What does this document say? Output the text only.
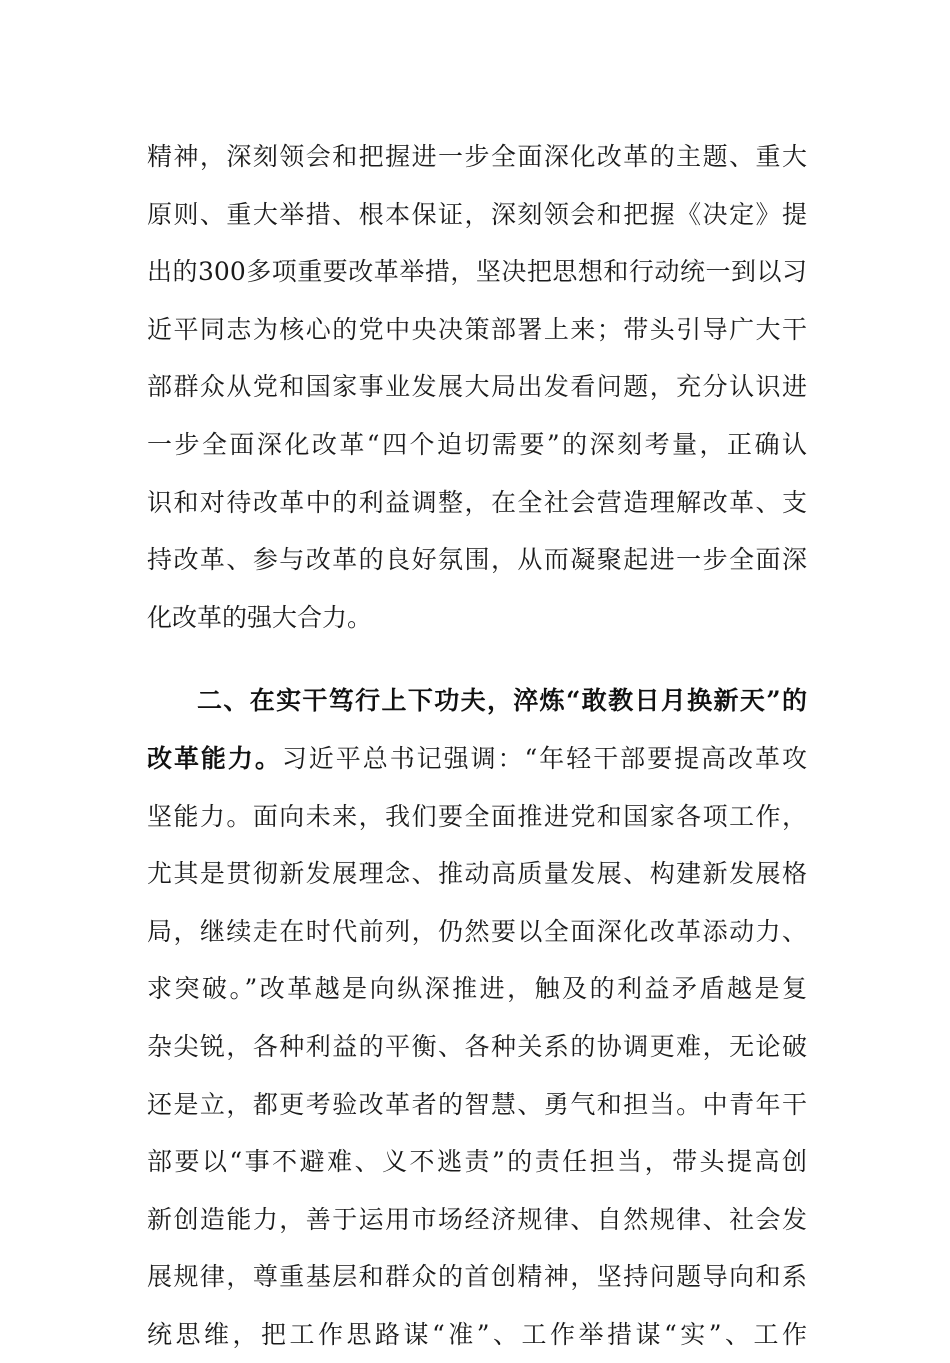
精神，深刻领会和把握进一步全面深化改革的主题、重大
原则、重大举措、根本保证，深刻领会和把握《决定》提
出的300多项重要改革举措，坚决把思想和行动统一到以习
近平同志为核心的党中央决策部署上来；带头引导广大干
部群众从党和国家事业发展大局出发看问题，充分认识进
一步全面深化改革“四个迫切需要”的深刻考量，正确认
识和对待改革中的利益调整，在全社会营造理解改革、支
持改革、参与改革的良好氛围，从而凝聚起进一步全面深
化改革的强大合力。
二、在实干笃行上下功夫，淬炼“敢教日月换新天”的
改革能力。习近平总书记强调：“年轻干部要提高改革攻
坚能力。面向未来，我们要全面推进党和国家各项工作，
尤其是贯彻新发展理念、推动高质量发展、构建新发展格
局，继续走在时代前列，仍然要以全面深化改革添动力、
求突破。”改革越是向纵深推进，触及的利益矛盾越是复
杂尖锐，各种利益的平衡、各种关系的协调更难，无论破
还是立，都更考验改革者的智慧、勇气和担当。中青年干
部要以“事不避难、义不逃责”的责任担当，带头提高创
新创造能力，善于运用市场经济规律、自然规律、社会发
展规律，尊重基层和群众的首创精神，坚持问题导向和系
统思维，把工作思路谋“准”、工作举措谋“实”、工作
